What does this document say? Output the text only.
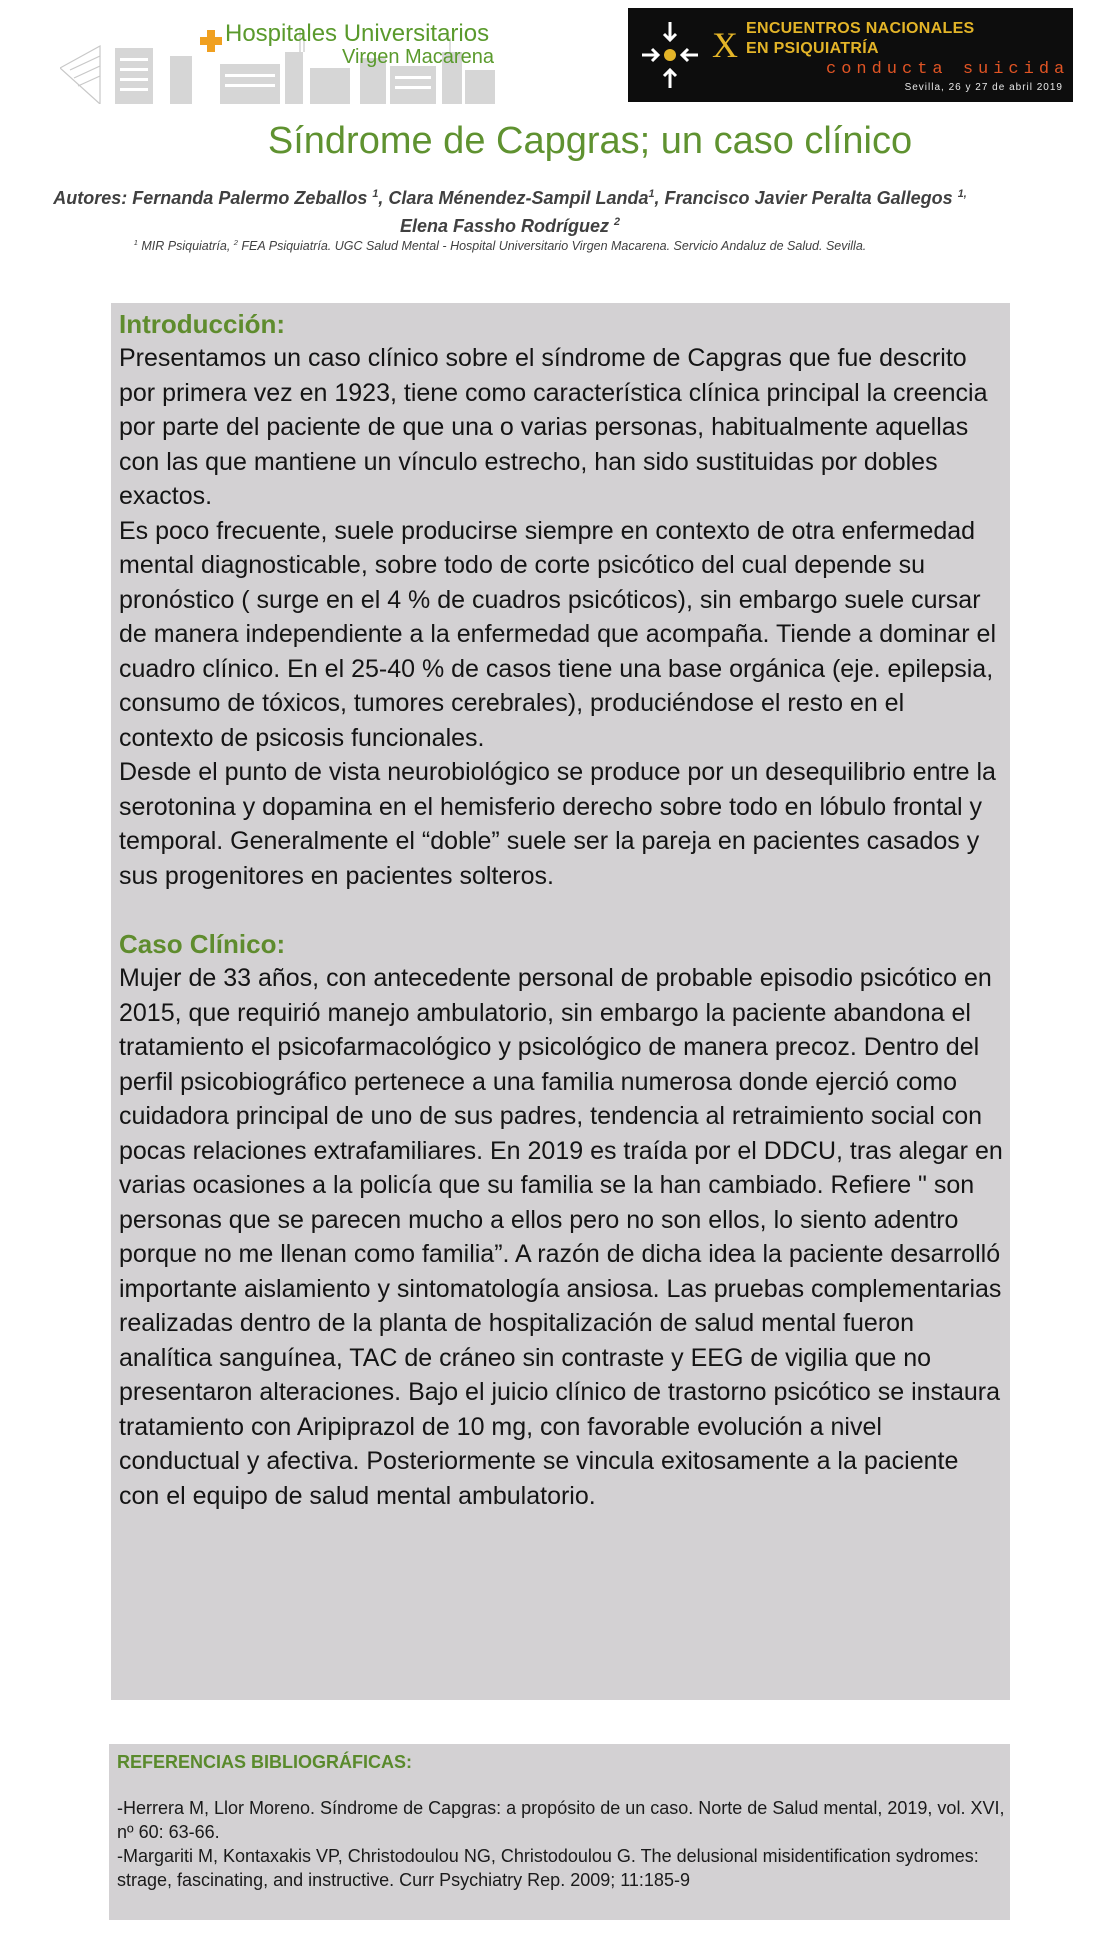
Hospitales Universitarios
Virgen Macarena	X ENCUENTROS NACIONALES
EN PSIQUIATRÍA
conducta suicida
Sevilla, 26 y 27 de abril 2019
Síndrome de Capgras; un caso clínico
Autores: Fernanda Palermo Zeballos $^1$, Clara Ménendez-Sampil Landa$^1$, Francisco Javier Peralta Gallegos $^{1,}$ Elena Fassho Rodríguez $^2$
$^1$ MIR Psiquiatría, $^2$ FEA Psiquiatría. UGC Salud Mental - Hospital Universitario Virgen Macarena. Servicio Andaluz de Salud. Sevilla.
Introducción:
Presentamos un caso clínico sobre el síndrome de Capgras que fue descrito por primera vez en 1923, tiene como característica clínica principal la creencia por parte del paciente de que una o varias personas, habitualmente aquellas con las que mantiene un vínculo estrecho, han sido sustituidas por dobles exactos.
Es poco frecuente, suele producirse siempre en contexto de otra enfermedad mental diagnosticable, sobre todo de corte psicótico del cual depende su pronóstico ( surge en el 4 % de cuadros psicóticos), sin embargo suele cursar de manera independiente a la enfermedad que acompaña. Tiende a dominar el cuadro clínico. En el 25-40 % de casos tiene una base orgánica (eje. epilepsia, consumo de tóxicos, tumores cerebrales), produciéndose el resto en el contexto de psicosis funcionales.
Desde el punto de vista neurobiológico se produce por un desequilibrio entre la serotonina y dopamina en el hemisferio derecho sobre todo en lóbulo frontal y temporal. Generalmente el “doble” suele ser la pareja en pacientes casados y sus progenitores en pacientes solteros.
Caso Clínico:
Mujer de 33 años, con antecedente personal de probable episodio psicótico en 2015, que requirió manejo ambulatorio, sin embargo la paciente abandona el tratamiento el psicofarmacológico y psicológico de manera precoz. Dentro del perfil psicobiográfico pertenece a una familia numerosa donde ejerció como cuidadora principal de uno de sus padres, tendencia al retraimiento social con pocas relaciones extrafamiliares. En 2019 es traída por el DDCU, tras alegar en varias ocasiones a la policía que su familia se la han cambiado. Refiere " son personas que se parecen mucho a ellos pero no son ellos, lo siento adentro porque no me llenan como familia”. A razón de dicha idea la paciente desarrolló importante aislamiento y sintomatología ansiosa. Las pruebas complementarias realizadas dentro de la planta de hospitalización de salud mental fueron analítica sanguínea, TAC de cráneo sin contraste y EEG de vigilia que no presentaron alteraciones. Bajo el juicio clínico de trastorno psicótico se instaura tratamiento con Aripiprazol de 10 mg, con favorable evolución a nivel conductual y afectiva. Posteriormente se vincula exitosamente a la paciente con el equipo de salud mental ambulatorio.
REFERENCIAS BIBLIOGRÁFICAS:
-Herrera M, Llor Moreno. Síndrome de Capgras: a propósito de un caso. Norte de Salud mental, 2019, vol. XVI, nº 60: 63-66.
-Margariti M, Kontaxakis VP, Christodoulou NG, Christodoulou G. The delusional misidentification sydromes: strage, fascinating, and instructive. Curr Psychiatry Rep. 2009; 11:185-9
